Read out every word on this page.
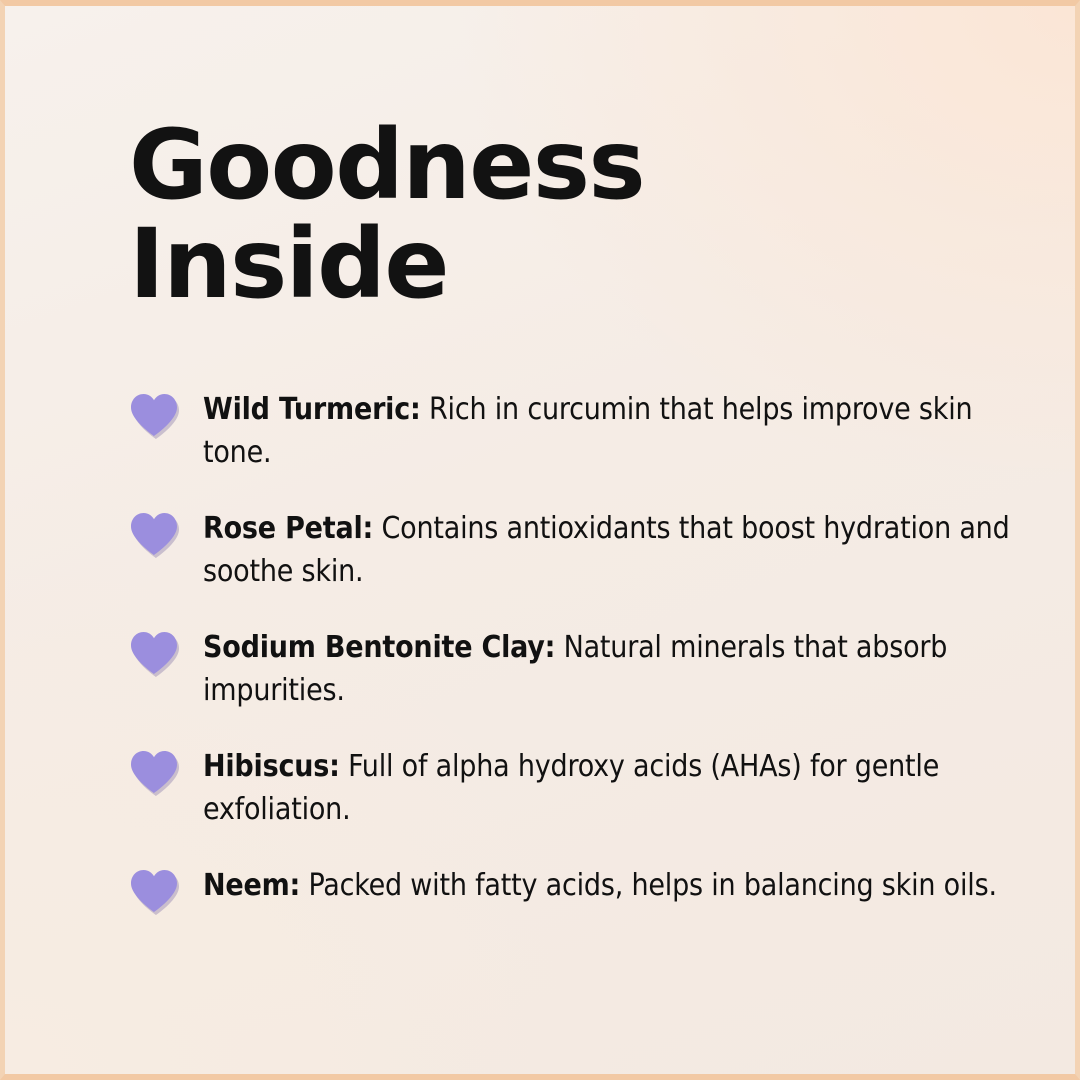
Goodness
Inside
Wild Turmeric: Rich in curcumin that helps improve skin tone.
Rose Petal: Contains antioxidants that boost hydration and soothe skin.
Sodium Bentonite Clay: Natural minerals that absorb impurities.
Hibiscus: Full of alpha hydroxy acids (AHAs) for gentle exfoliation.
Neem: Packed with fatty acids, helps in balancing skin oils.
